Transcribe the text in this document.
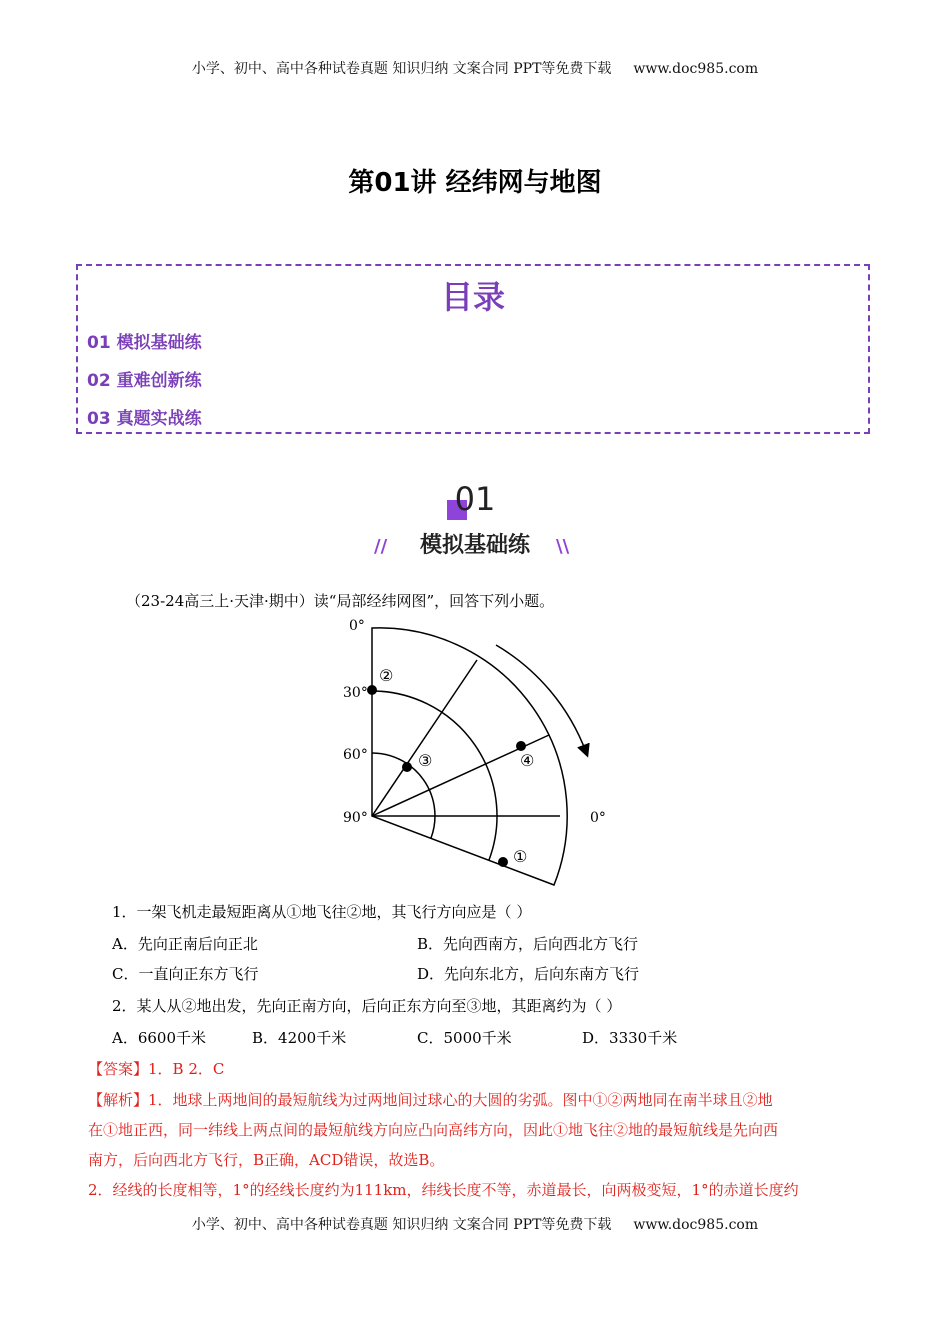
小学、初中、高中各种试卷真题 知识归纳 文案合同 PPT等免费下载 www.doc985.com
第01讲 经纬网与地图
目录
01 模拟基础练
02 重难创新练
03 真题实战练
01
//	模拟基础练	\\
（23-24高三上·天津·期中）读“局部经纬网图”，回答下列小题。
0°
30°
60°
90°	0°
②
③	④
①
1．一架飞机走最短距离从①地飞往②地，其飞行方向应是（ ）
A．先向正南后向正北	B．先向西南方，后向西北方飞行
C．一直向正东方飞行	D．先向东北方，后向东南方飞行
2．某人从②地出发，先向正南方向，后向正东方向至③地，其距离约为（ ）
A．6600千米	B．4200千米	C．5000千米	D．3330千米
【答案】1．B 2．C
【解析】1．地球上两地间的最短航线为过两地间过球心的大圆的劣弧。图中①②两地同在南半球且②地
在①地正西，同一纬线上两点间的最短航线方向应凸向高纬方向，因此①地飞往②地的最短航线是先向西
南方，后向西北方飞行，B正确，ACD错误，故选B。
2．经线的长度相等，1°的经线长度约为111km，纬线长度不等，赤道最长，向两极变短，1°的赤道长度约
小学、初中、高中各种试卷真题 知识归纳 文案合同 PPT等免费下载 www.doc985.com
